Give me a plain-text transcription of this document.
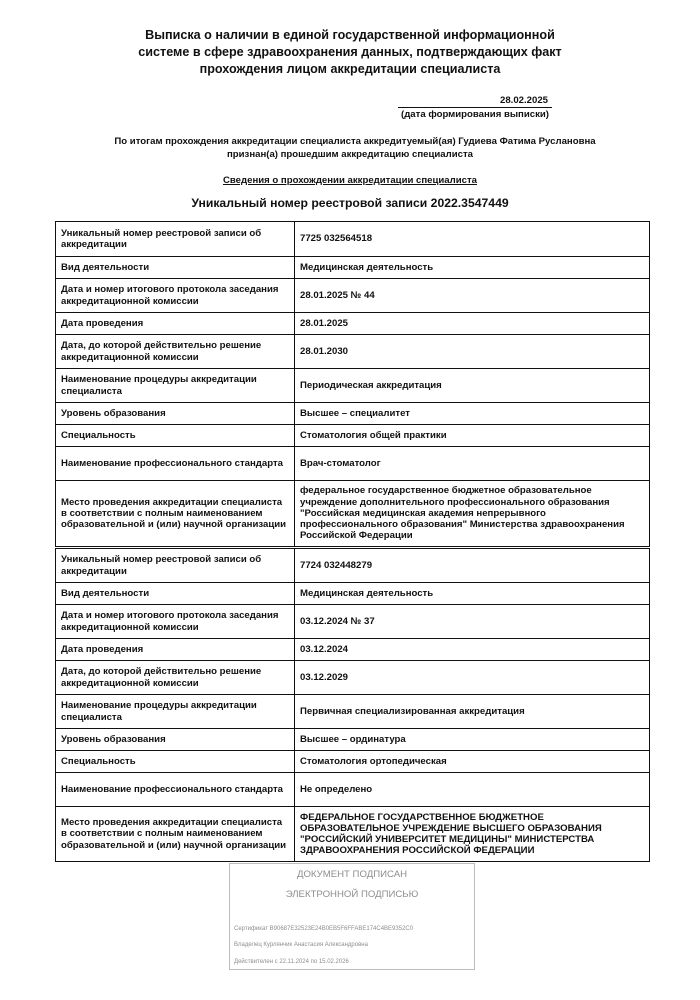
Выписка о наличии в единой государственной информационной
системе в сфере здравоохранения данных, подтверждающих факт
прохождения лицом аккредитации специалиста
28.02.2025
(дата формирования выписки)
По итогам прохождения аккредитации специалиста аккредитуемый(ая) Гудиева Фатима Руслановна
признан(а) прошедшим аккредитацию специалиста
Сведения о прохождении аккредитации специалиста
Уникальный номер реестровой записи 2022.3547449
Уникальный номер реестровой записи об аккредитации	7725 032564518
Вид деятельности	Медицинская деятельность
Дата и номер итогового протокола заседания аккредитационной комиссии	28.01.2025 № 44
Дата проведения	28.01.2025
Дата, до которой действительно решение аккредитационной комиссии	28.01.2030
Наименование процедуры аккредитации специалиста	Периодическая аккредитация
Уровень образования	Высшее – специалитет
Специальность	Стоматология общей практики
Наименование профессионального стандарта	Врач-стоматолог
Место проведения аккредитации специалиста в соответствии с полным наименованием образовательной и (или) научной организации	федеральное государственное бюджетное образовательное учреждение дополнительного профессионального образования "Российская медицинская академия непрерывного профессионального образования" Министерства здравоохранения Российской Федерации
Уникальный номер реестровой записи об аккредитации	7724 032448279
Вид деятельности	Медицинская деятельность
Дата и номер итогового протокола заседания аккредитационной комиссии	03.12.2024 № 37
Дата проведения	03.12.2024
Дата, до которой действительно решение аккредитационной комиссии	03.12.2029
Наименование процедуры аккредитации специалиста	Первичная специализированная аккредитация
Уровень образования	Высшее – ординатура
Специальность	Стоматология ортопедическая
Наименование профессионального стандарта	Не определено
Место проведения аккредитации специалиста в соответствии с полным наименованием образовательной и (или) научной организации	ФЕДЕРАЛЬНОЕ ГОСУДАРСТВЕННОЕ БЮДЖЕТНОЕ ОБРАЗОВАТЕЛЬНОЕ УЧРЕЖДЕНИЕ ВЫСШЕГО ОБРАЗОВАНИЯ "РОССИЙСКИЙ УНИВЕРСИТЕТ МЕДИЦИНЫ" МИНИСТЕРСТВА ЗДРАВООХРАНЕНИЯ РОССИЙСКОЙ ФЕДЕРАЦИИ
ДОКУМЕНТ ПОДПИСАН
ЭЛЕКТРОННОЙ ПОДПИСЬЮ
Сертификат B90687E32523E24B0EB5F6FFABE174C4BE9352C0
Владелец Курлянчик Анастасия Александровна
Действителен с 22.11.2024 по 15.02.2026
